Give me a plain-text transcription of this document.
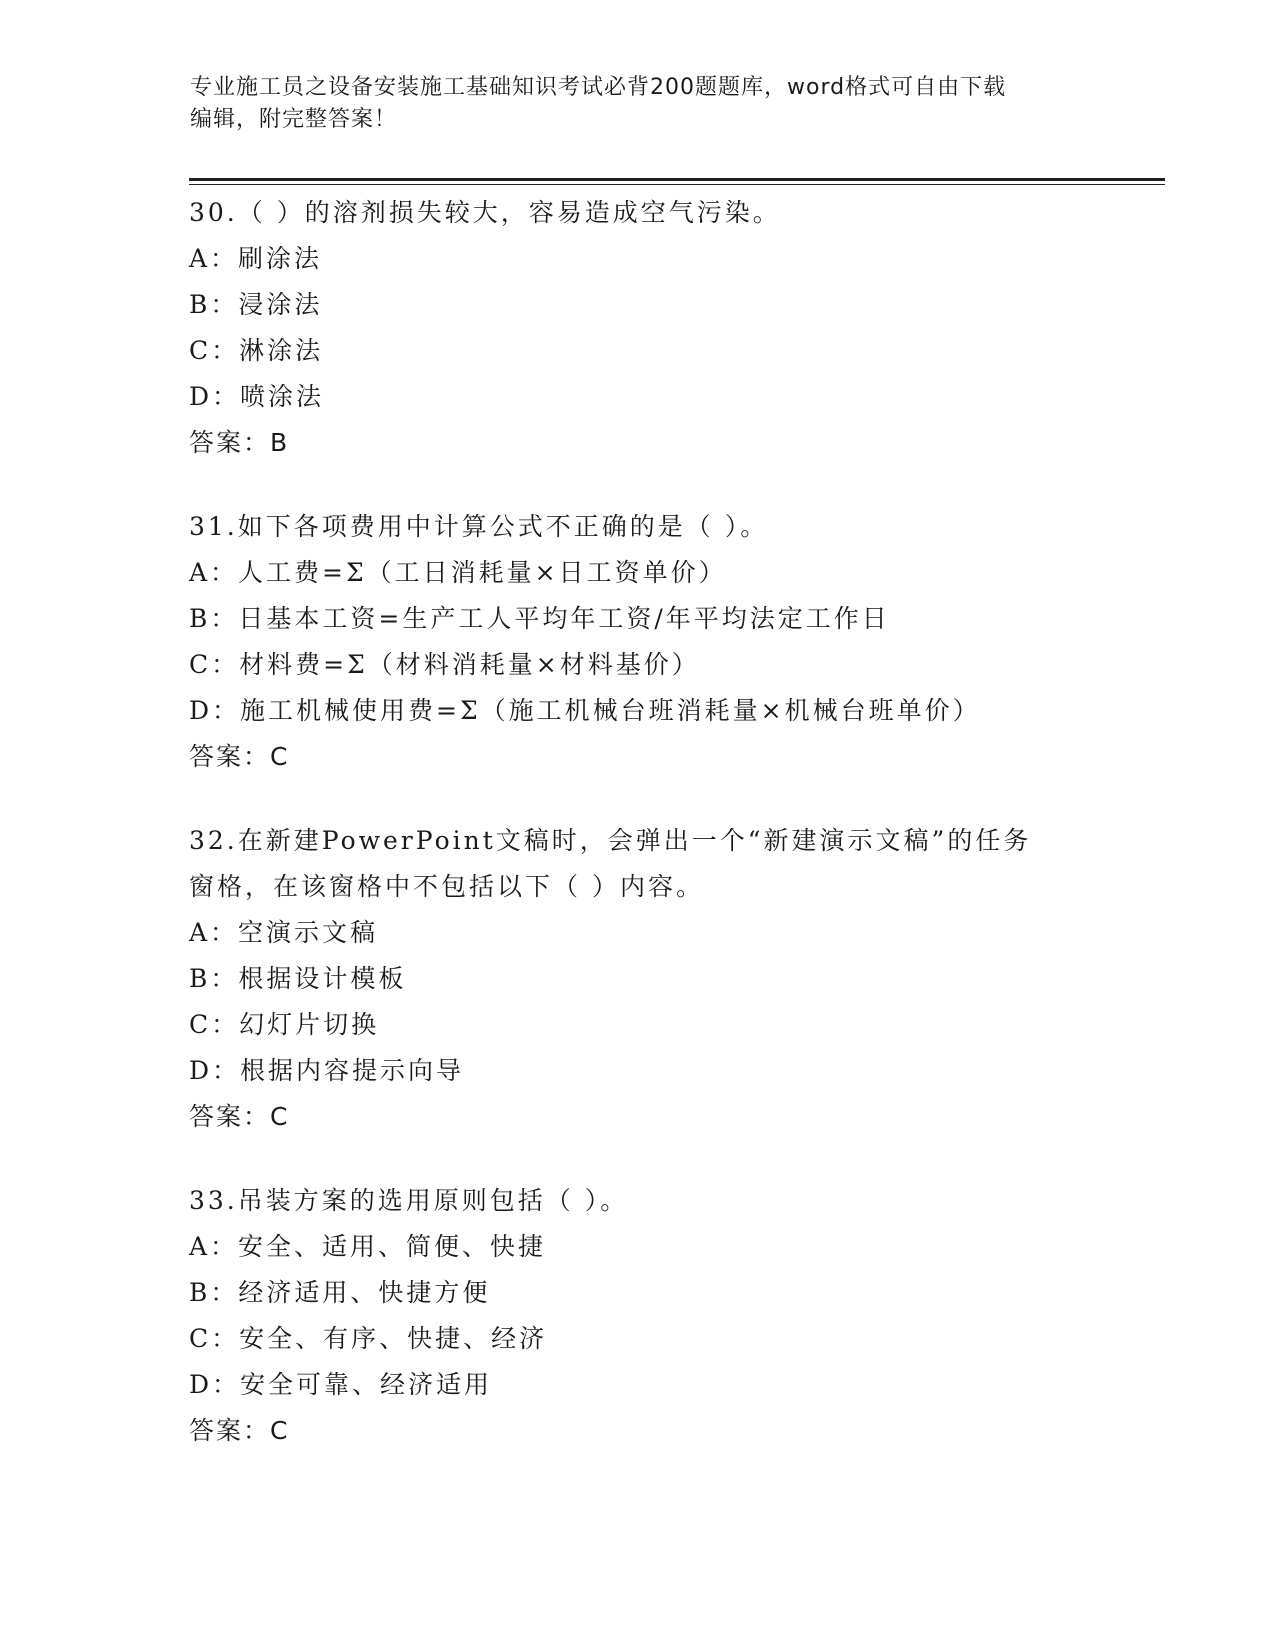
专业施工员之设备安装施工基础知识考试必背200题题库，word格式可自由下载
编辑，附完整答案！
30.（ ）的溶剂损失较大，容易造成空气污染。
A：刷涂法
B：浸涂法
C：淋涂法
D：喷涂法
答案：B
31.如下各项费用中计算公式不正确的是（ ）。
A：人工费=Σ（工日消耗量×日工资单价）
B：日基本工资=生产工人平均年工资/年平均法定工作日
C：材料费=Σ（材料消耗量×材料基价）
D：施工机械使用费=Σ（施工机械台班消耗量×机械台班单价）
答案：C
32.在新建PowerPoint文稿时，会弹出一个“新建演示文稿”的任务
窗格，在该窗格中不包括以下（ ）内容。
A：空演示文稿
B：根据设计模板
C：幻灯片切换
D：根据内容提示向导
答案：C
33.吊装方案的选用原则包括（ ）。
A：安全、适用、简便、快捷
B：经济适用、快捷方便
C：安全、有序、快捷、经济
D：安全可靠、经济适用
答案：C
